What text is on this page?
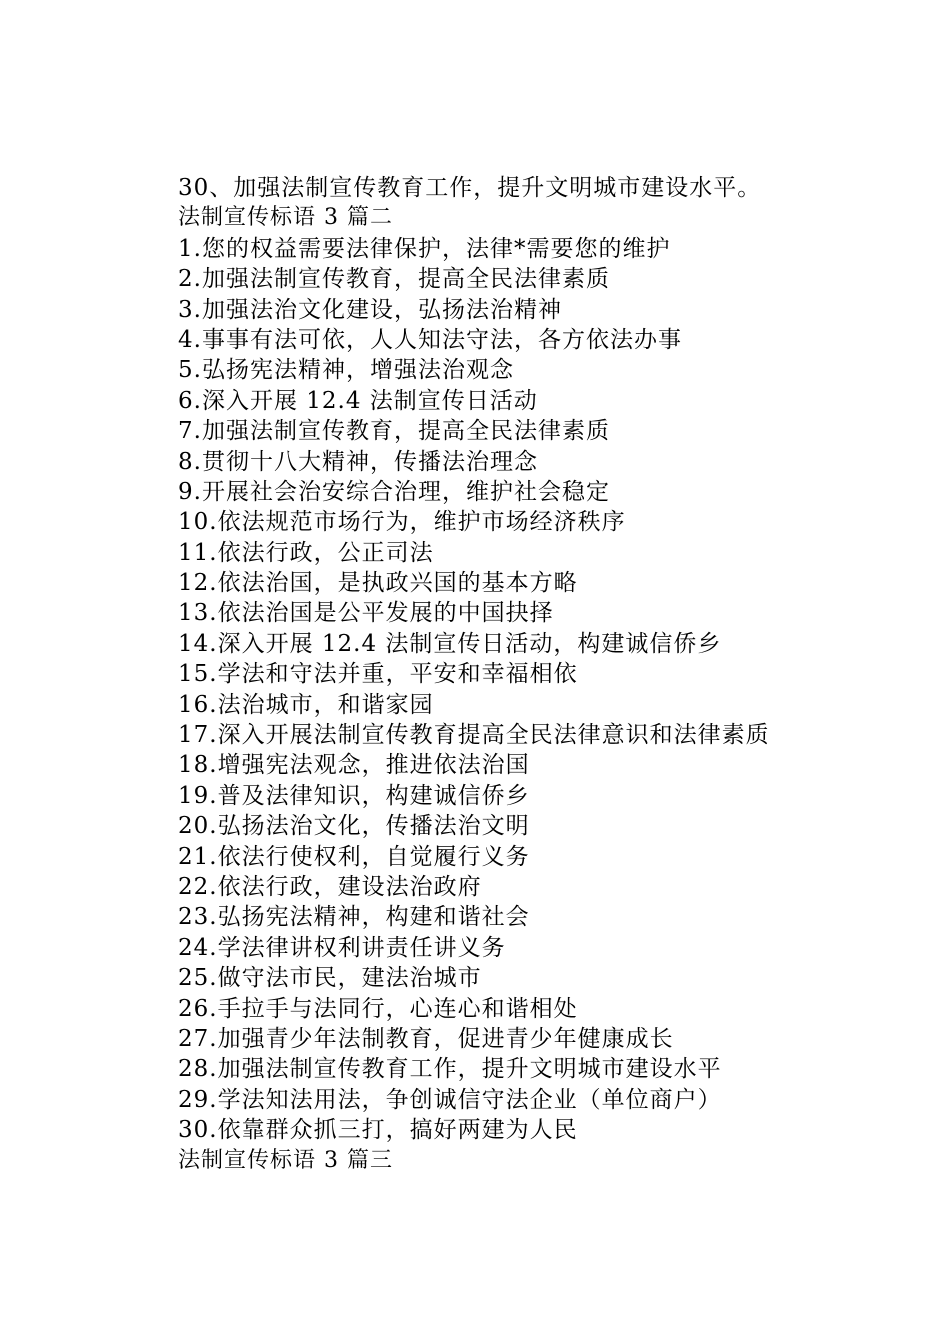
30、加强法制宣传教育工作，提升文明城市建设水平。
法制宣传标语 3 篇二
1.您的权益需要法律保护，法律*需要您的维护
2.加强法制宣传教育，提高全民法律素质
3.加强法治文化建设，弘扬法治精神
4.事事有法可依，人人知法守法，各方依法办事
5.弘扬宪法精神，增强法治观念
6.深入开展 12.4 法制宣传日活动
7.加强法制宣传教育，提高全民法律素质
8.贯彻十八大精神，传播法治理念
9.开展社会治安综合治理，维护社会稳定
10.依法规范市场行为，维护市场经济秩序
11.依法行政，公正司法
12.依法治国，是执政兴国的基本方略
13.依法治国是公平发展的中国抉择
14.深入开展 12.4 法制宣传日活动，构建诚信侨乡
15.学法和守法并重，平安和幸福相依
16.法治城市，和谐家园
17.深入开展法制宣传教育提高全民法律意识和法律素质
18.增强宪法观念，推进依法治国
19.普及法律知识，构建诚信侨乡
20.弘扬法治文化，传播法治文明
21.依法行使权利，自觉履行义务
22.依法行政，建设法治政府
23.弘扬宪法精神，构建和谐社会
24.学法律讲权利讲责任讲义务
25.做守法市民，建法治城市
26.手拉手与法同行，心连心和谐相处
27.加强青少年法制教育，促进青少年健康成长
28.加强法制宣传教育工作，提升文明城市建设水平
29.学法知法用法，争创诚信守法企业（单位商户）
30.依靠群众抓三打，搞好两建为人民
法制宣传标语 3 篇三
